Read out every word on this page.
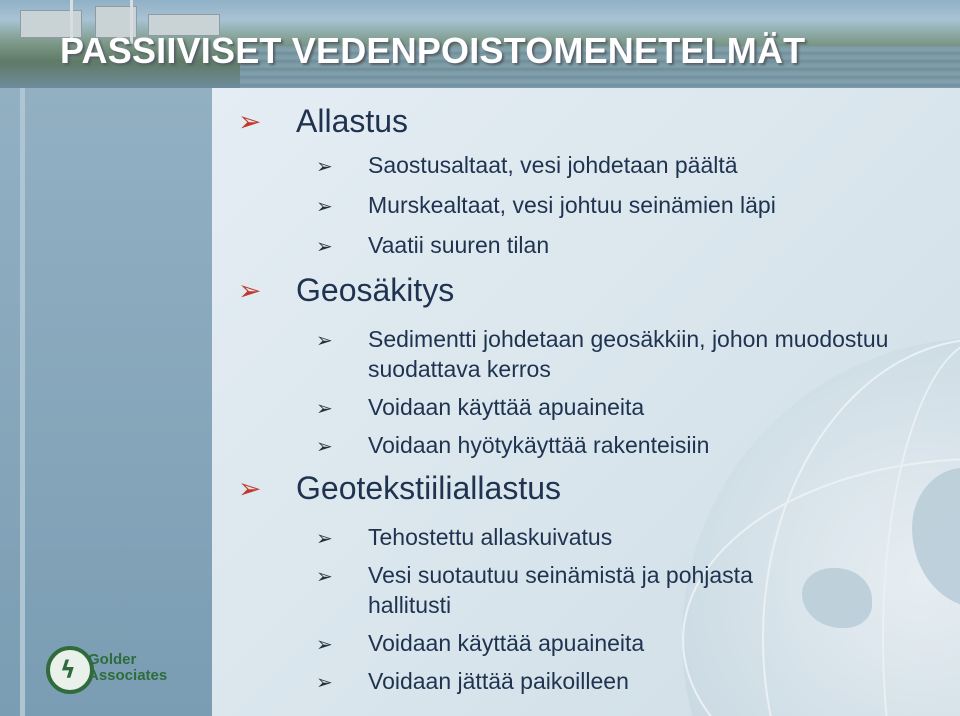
PASSIIVISET VEDENPOISTOMENETELMÄT
➢	Allastus
➢	Saostusaltaat, vesi johdetaan päältä
➢	Murskealtaat, vesi johtuu seinämien läpi
➢	Vaatii suuren tilan
➢	Geosäkitys
➢	Sedimentti johdetaan geosäkkiin, johon muodostuu suodattava kerros
➢	Voidaan käyttää apuaineita
➢	Voidaan hyötykäyttää rakenteisiin
➢	Geotekstiiliallastus
➢	Tehostettu allaskuivatus
➢	Vesi suotautuu seinämistä ja pohjasta hallitusti
➢	Voidaan käyttää apuaineita
➢	Voidaan jättää paikoilleen
ϟ Golder
Associates
